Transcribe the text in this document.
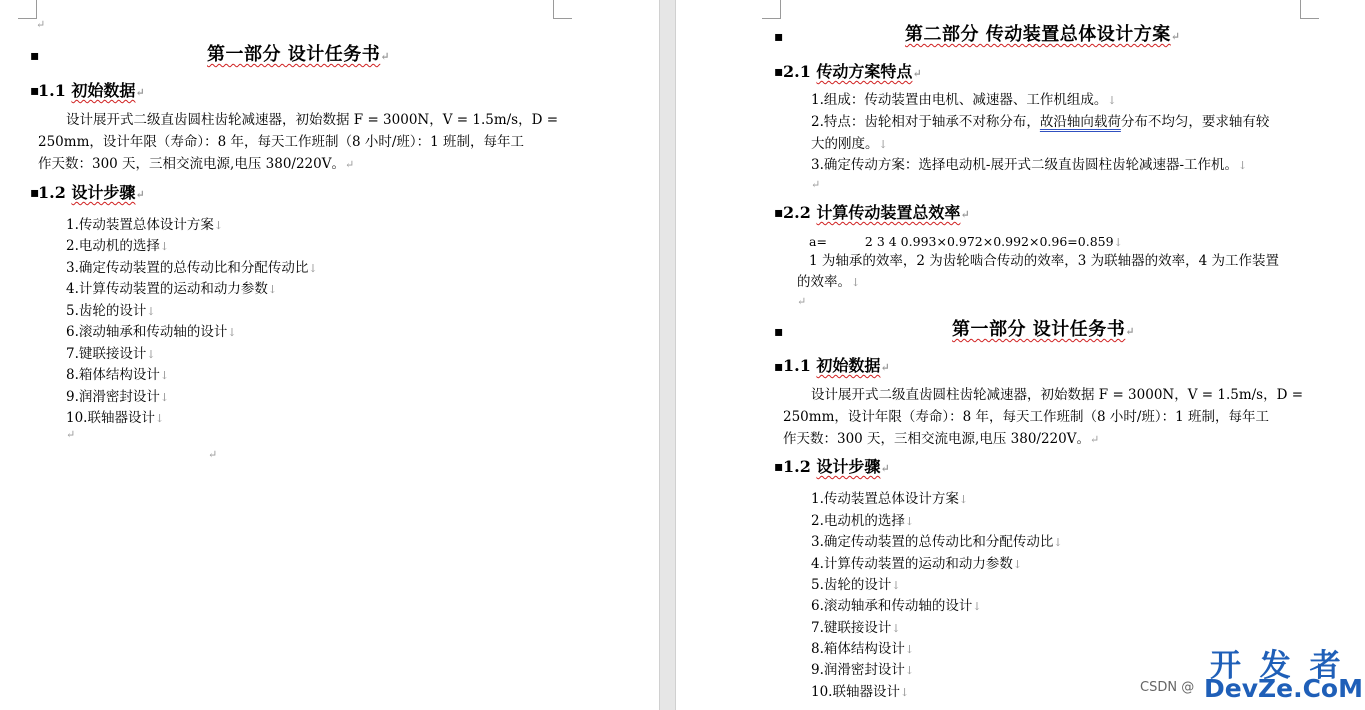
↵
▪	第一部分 设计任务书↵
▪
1.1 初始数据↵
设计展开式二级直齿圆柱齿轮减速器，初始数据 F = 3000N，V = 1.5m/s，D =
250mm，设计年限（寿命）：8 年，每天工作班制（8 小时/班）：1 班制，每年工
作天数：300 天，三相交流电源,电压 380/220V。↵
▪
1.2 设计步骤↵
1.传动装置总体设计方案↓
2.电动机的选择↓
3.确定传动装置的总传动比和分配传动比↓
4.计算传动装置的运动和动力参数↓
5.齿轮的设计↓
6.滚动轴承和传动轴的设计↓
7.键联接设计↓
8.箱体结构设计↓
9.润滑密封设计↓
10.联轴器设计↓
↵
↵
▪	第二部分 传动装置总体设计方案↵
▪ 2.1 传动方案特点↵
1.组成：传动装置由电机、减速器、工作机组成。↓
2.特点：齿轮相对于轴承不对称分布，故沿轴向载荷分布不均匀，要求轴有较
大的刚度。↓
3.确定传动方案：选择电动机-展开式二级直齿圆柱齿轮减速器-工作机。↓
↵
▪ 2.2 计算传动装置总效率↵
a=	2 3 4 0.993×0.972×0.992×0.96=0.859↓
1 为轴承的效率，2 为齿轮啮合传动的效率，3 为联轴器的效率，4 为工作装置
的效率。↓
↵
▪	第一部分 设计任务书↵
▪ 1.1 初始数据↵
设计展开式二级直齿圆柱齿轮减速器，初始数据 F = 3000N，V = 1.5m/s，D =
250mm，设计年限（寿命）：8 年，每天工作班制（8 小时/班）：1 班制，每年工
作天数：300 天，三相交流电源,电压 380/220V。↵
▪ 1.2 设计步骤↵
1.传动装置总体设计方案↓
2.电动机的选择↓
3.确定传动装置的总传动比和分配传动比↓
4.计算传动装置的运动和动力参数↓
5.齿轮的设计↓
6.滚动轴承和传动轴的设计↓
7.键联接设计↓
8.箱体结构设计↓
9.润滑密封设计↓
10.联轴器设计↓
开 发 者
CSDN @ DevZe.CoM
